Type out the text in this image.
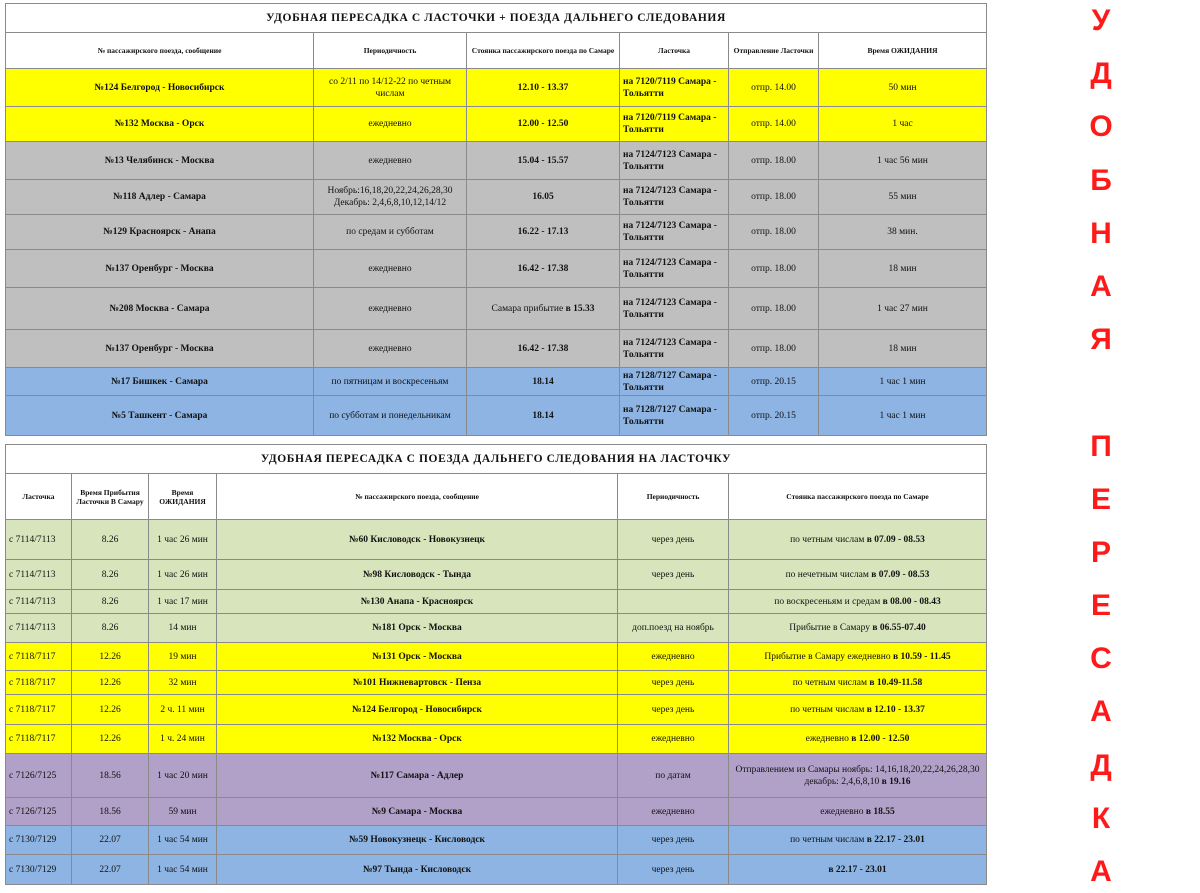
УДОБНАЯ ПЕРЕСАДКА С ЛАСТОЧКИ + ПОЕЗДА ДАЛЬНЕГО СЛЕДОВАНИЯ					
№ пассажирского поезда, сообщение	Периодичность	Стоянка пассажирского поезда по Самаре	Ласточка	Отправление Ласточки	Время ОЖИДАНИЯ
№124 Белгород - Новосибирск	со 2/11 по 14/12-22 по четным числам	12.10 - 13.37	на 7120/7119 Самара - Тольятти	отпр. 14.00	50 мин
№132 Москва - Орск	ежедневно	12.00 - 12.50	на 7120/7119 Самара - Тольятти	отпр. 14.00	1 час
№13 Челябинск - Москва	ежедневно	15.04 - 15.57	на 7124/7123 Самара - Тольятти	отпр. 18.00	1 час 56 мин
№118 Адлер - Самара	Ноябрь:16,18,20,22,24,26,28,30 Декабрь: 2,4,6,8,10,12,14/12	16.05	на 7124/7123 Самара - Тольятти	отпр. 18.00	55 мин
№129 Красноярск - Анапа	по средам и субботам	16.22 - 17.13	на 7124/7123 Самара - Тольятти	отпр. 18.00	38 мин.
№137 Оренбург - Москва	ежедневно	16.42 - 17.38	на 7124/7123 Самара - Тольятти	отпр. 18.00	18 мин
№208 Москва - Самара	ежедневно	Самара прибытие в 15.33	на 7124/7123 Самара - Тольятти	отпр. 18.00	1 час 27 мин
№137 Оренбург - Москва	ежедневно	16.42 - 17.38	на 7124/7123 Самара - Тольятти	отпр. 18.00	18 мин
№17 Бишкек - Самара	по пятницам и воскресеньям	18.14	на 7128/7127 Самара - Тольятти	отпр. 20.15	1 час 1 мин
№5 Ташкент - Самара	по субботам и понедельникам	18.14	на 7128/7127 Самара - Тольятти	отпр. 20.15	1 час 1 мин
УДОБНАЯ ПЕРЕСАДКА С ПОЕЗДА ДАЛЬНЕГО СЛЕДОВАНИЯ НА ЛАСТОЧКУ					
Ласточка	Время Прибытия Ласточки В Самару	Время ОЖИДАНИЯ	№ пассажирского поезда, сообщение	Периодичность	Стоянка пассажирского поезда по Самаре
с 7114/7113	8.26	1 час 26 мин	№60 Кисловодск - Новокузнецк	через день	по четным числам в 07.09 - 08.53
с 7114/7113	8.26	1 час 26 мин	№98 Кисловодск - Тында	через день	по нечетным числам в 07.09 - 08.53
с 7114/7113	8.26	1 час 17 мин	№130 Анапа - Красноярск		по воскресеньям и средам в 08.00 - 08.43
с 7114/7113	8.26	14 мин	№181 Орск - Москва	доп.поезд на ноябрь	Прибытие в Самару в 06.55-07.40
с 7118/7117	12.26	19 мин	№131 Орск - Москва	ежедневно	Прибытие в Самару ежедневно в 10.59 - 11.45
с 7118/7117	12.26	32 мин	№101 Нижневартовск - Пенза	через день	по четным числам в 10.49-11.58
с 7118/7117	12.26	2 ч. 11 мин	№124 Белгород - Новосибирск	через день	по четным числам в 12.10 - 13.37
с 7118/7117	12.26	1 ч. 24 мин	№132 Москва - Орск	ежедневно	ежедневно в 12.00 - 12.50
с 7126/7125	18.56	1 час 20 мин	№117 Самара - Адлер	по датам	Отправлением из Самары ноябрь: 14,16,18,20,22,24,26,28,30 декабрь: 2,4,6,8,10 в 19.16
с 7126/7125	18.56	59 мин	№9 Самара - Москва	ежедневно	ежедневно в 18.55
с 7130/7129	22.07	1 час 54 мин	№59 Новокузнецк - Кисловодск	через день	по четным числам в 22.17 - 23.01
с 7130/7129	22.07	1 час 54 мин	№97 Тында - Кисловодск	через день	в 22.17 - 23.01
У
Д
О
Б
Н
А
Я
П
Е
Р
Е
С
А
Д
К
А
